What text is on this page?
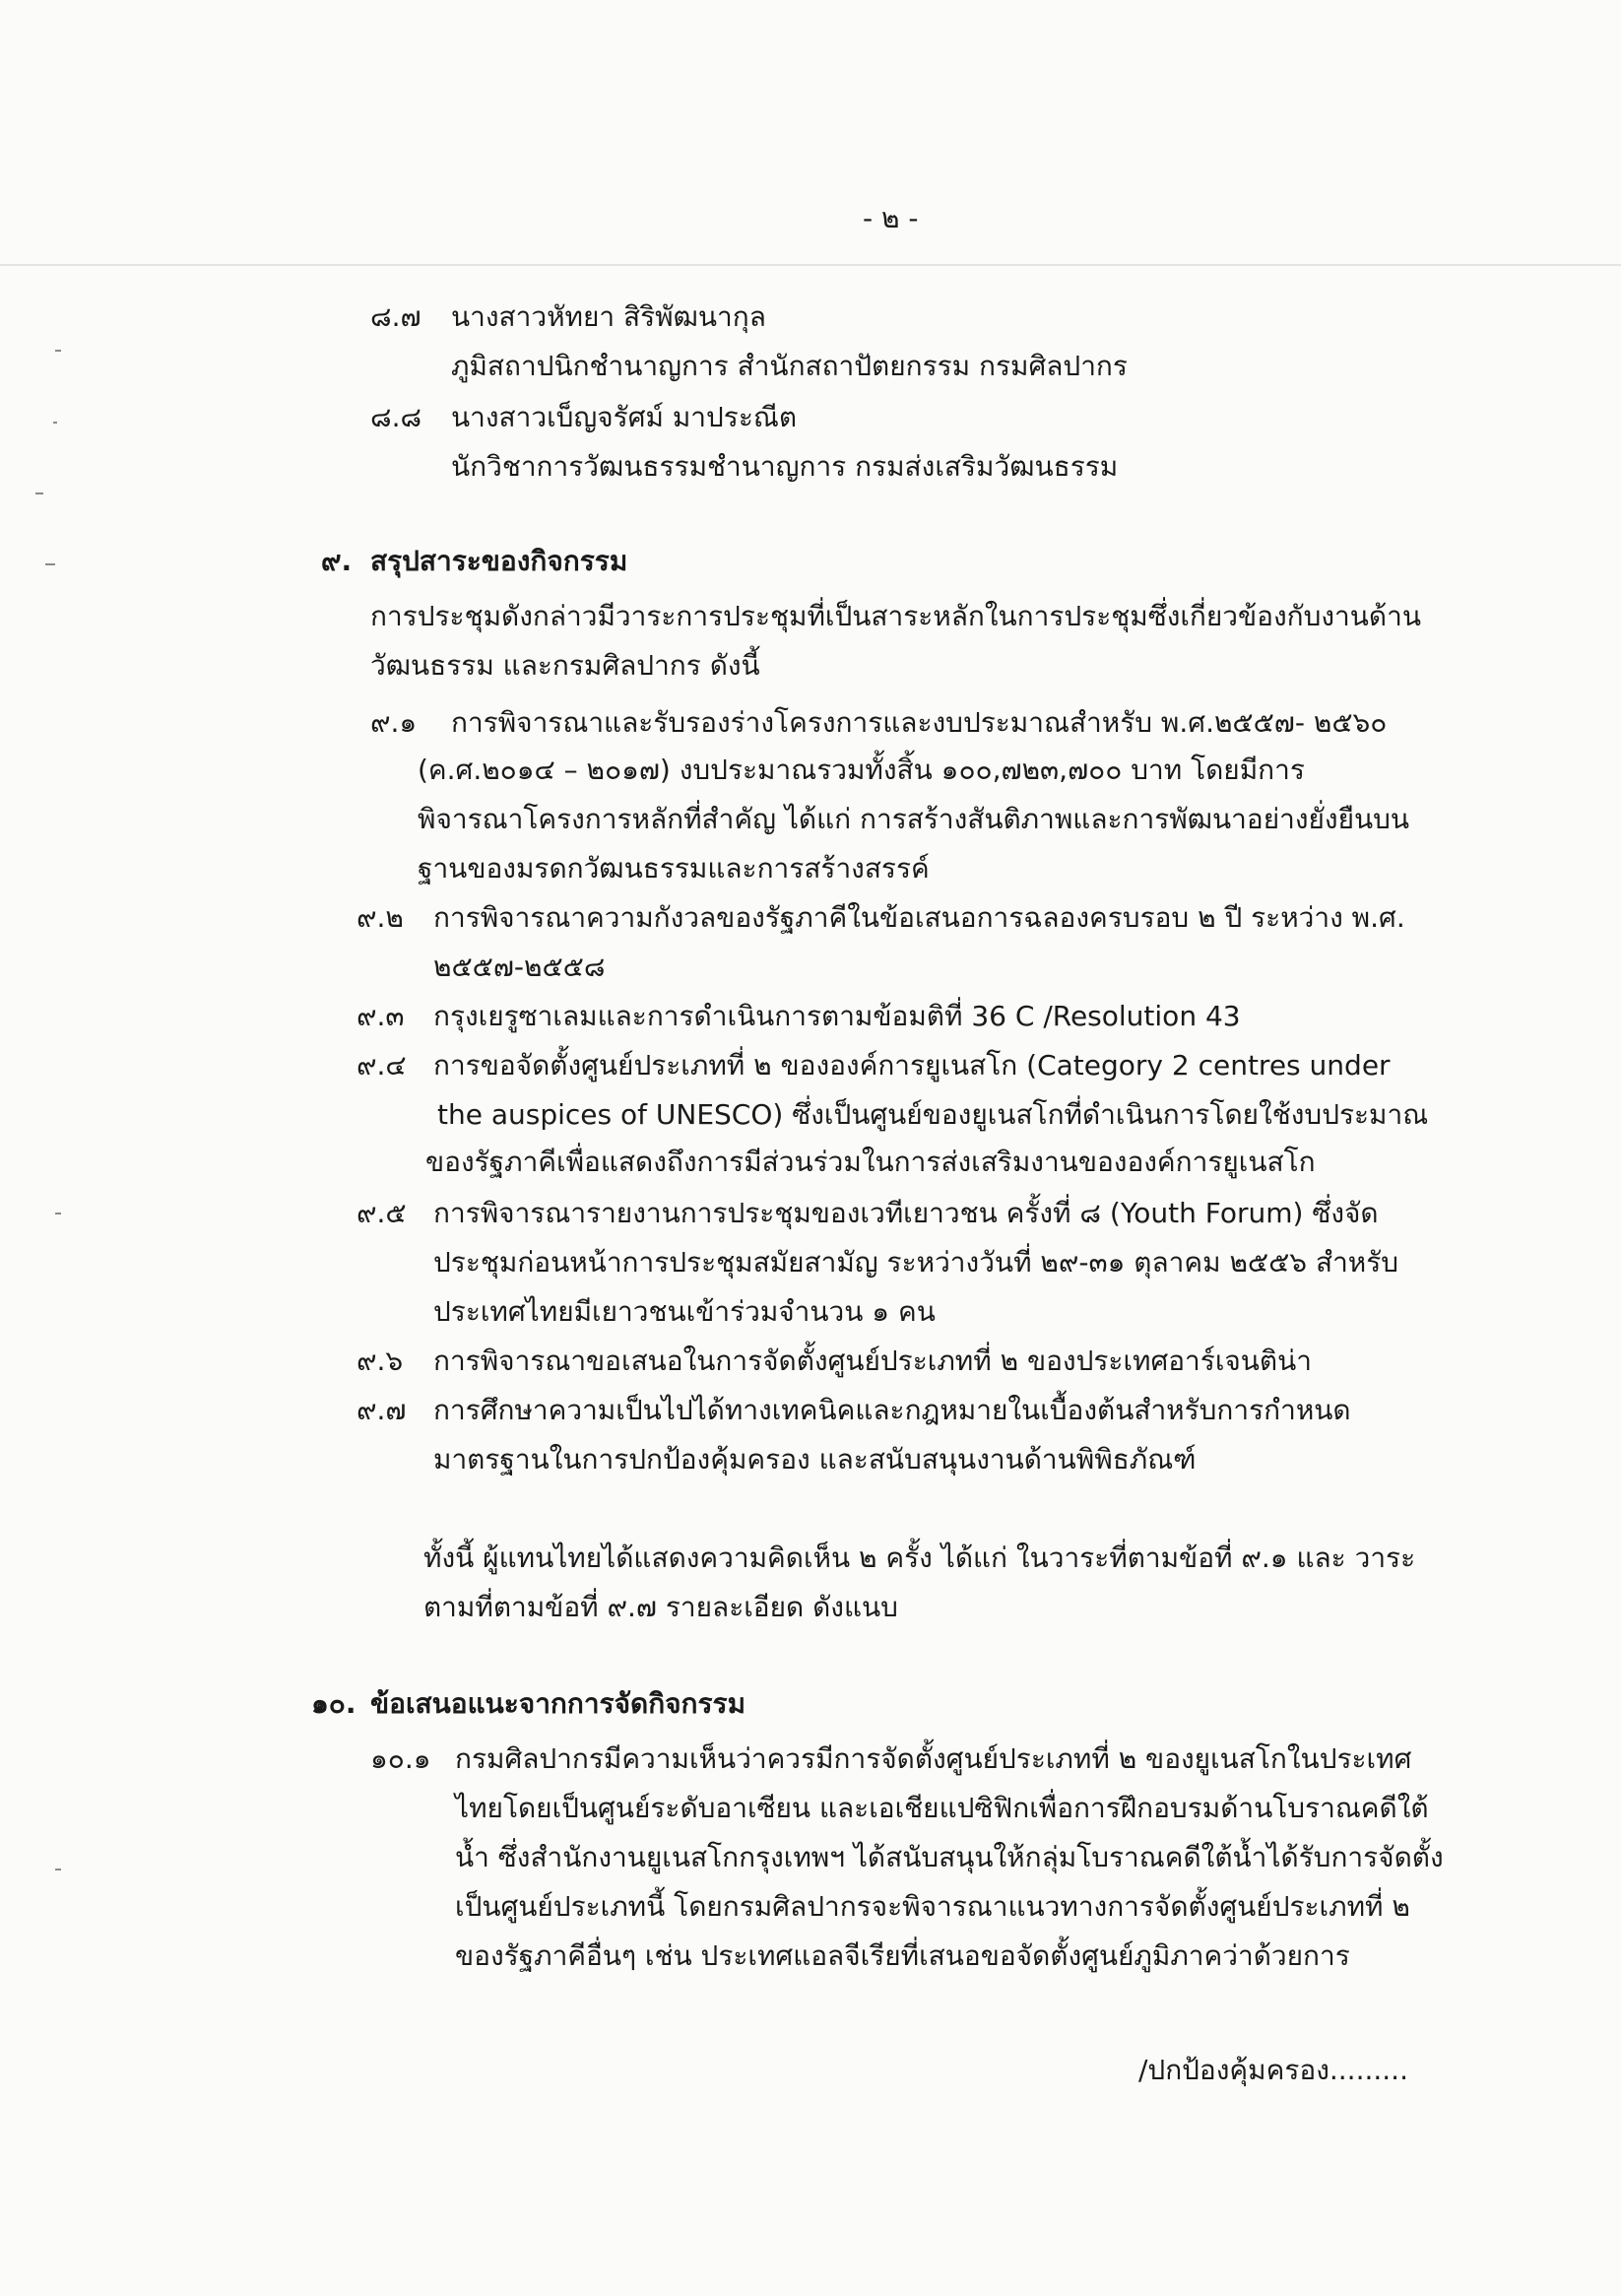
- ๒ -
๘.๗ นางสาวหัทยา สิริพัฒนากุล
ภูมิสถาปนิกชำนาญการ สำนักสถาปัตยกรรม กรมศิลปากร
๘.๘ นางสาวเบ็ญจรัศม์ มาประณีต
นักวิชาการวัฒนธรรมชำนาญการ กรมส่งเสริมวัฒนธรรม
๙. สรุปสาระของกิจกรรม
การประชุมดังกล่าวมีวาระการประชุมที่เป็นสาระหลักในการประชุมซึ่งเกี่ยวข้องกับงานด้าน
วัฒนธรรม และกรมศิลปากร ดังนี้
๙.๑ การพิจารณาและรับรองร่างโครงการและงบประมาณสำหรับ พ.ศ.๒๕๕๗- ๒๕๖๐
(ค.ศ.๒๐๑๔ – ๒๐๑๗) งบประมาณรวมทั้งสิ้น ๑๐๐,๗๒๓,๗๐๐ บาท โดยมีการ
พิจารณาโครงการหลักที่สำคัญ ได้แก่ การสร้างสันติภาพและการพัฒนาอย่างยั่งยืนบน
ฐานของมรดกวัฒนธรรมและการสร้างสรรค์
๙.๒ การพิจารณาความกังวลของรัฐภาคีในข้อเสนอการฉลองครบรอบ ๒ ปี ระหว่าง พ.ศ.
๒๕๕๗-๒๕๕๘
๙.๓ กรุงเยรูซาเลมและการดำเนินการตามข้อมติที่ 36 C /Resolution 43
๙.๔ การขอจัดตั้งศูนย์ประเภทที่ ๒ ขององค์การยูเนสโก (Category 2 centres under
the auspices of UNESCO) ซึ่งเป็นศูนย์ของยูเนสโกที่ดำเนินการโดยใช้งบประมาณ
ของรัฐภาคีเพื่อแสดงถึงการมีส่วนร่วมในการส่งเสริมงานขององค์การยูเนสโก
๙.๕ การพิจารณารายงานการประชุมของเวทีเยาวชน ครั้งที่ ๘ (Youth Forum) ซึ่งจัด
ประชุมก่อนหน้าการประชุมสมัยสามัญ ระหว่างวันที่ ๒๙-๓๑ ตุลาคม ๒๕๕๖ สำหรับ
ประเทศไทยมีเยาวชนเข้าร่วมจำนวน ๑ คน
๙.๖ การพิจารณาขอเสนอในการจัดตั้งศูนย์ประเภทที่ ๒ ของประเทศอาร์เจนติน่า
๙.๗ การศึกษาความเป็นไปได้ทางเทคนิคและกฎหมายในเบื้องต้นสำหรับการกำหนด
มาตรฐานในการปกป้องคุ้มครอง และสนับสนุนงานด้านพิพิธภัณฑ์
ทั้งนี้ ผู้แทนไทยได้แสดงความคิดเห็น ๒ ครั้ง ได้แก่ ในวาระที่ตามข้อที่ ๙.๑ และ วาระ
ตามที่ตามข้อที่ ๙.๗ รายละเอียด ดังแนบ
๑๐. ข้อเสนอแนะจากการจัดกิจกรรม
๑๐.๑ กรมศิลปากรมีความเห็นว่าควรมีการจัดตั้งศูนย์ประเภทที่ ๒ ของยูเนสโกในประเทศ
ไทยโดยเป็นศูนย์ระดับอาเซียน และเอเชียแปซิฟิกเพื่อการฝึกอบรมด้านโบราณคดีใต้
น้ำ ซึ่งสำนักงานยูเนสโกกรุงเทพฯ ได้สนับสนุนให้กลุ่มโบราณคดีใต้น้ำได้รับการจัดตั้ง
เป็นศูนย์ประเภทนี้ โดยกรมศิลปากรจะพิจารณาแนวทางการจัดตั้งศูนย์ประเภทที่ ๒
ของรัฐภาคีอื่นๆ เช่น ประเทศแอลจีเรียที่เสนอขอจัดตั้งศูนย์ภูมิภาคว่าด้วยการ
/ปกป้องคุ้มครอง.........
